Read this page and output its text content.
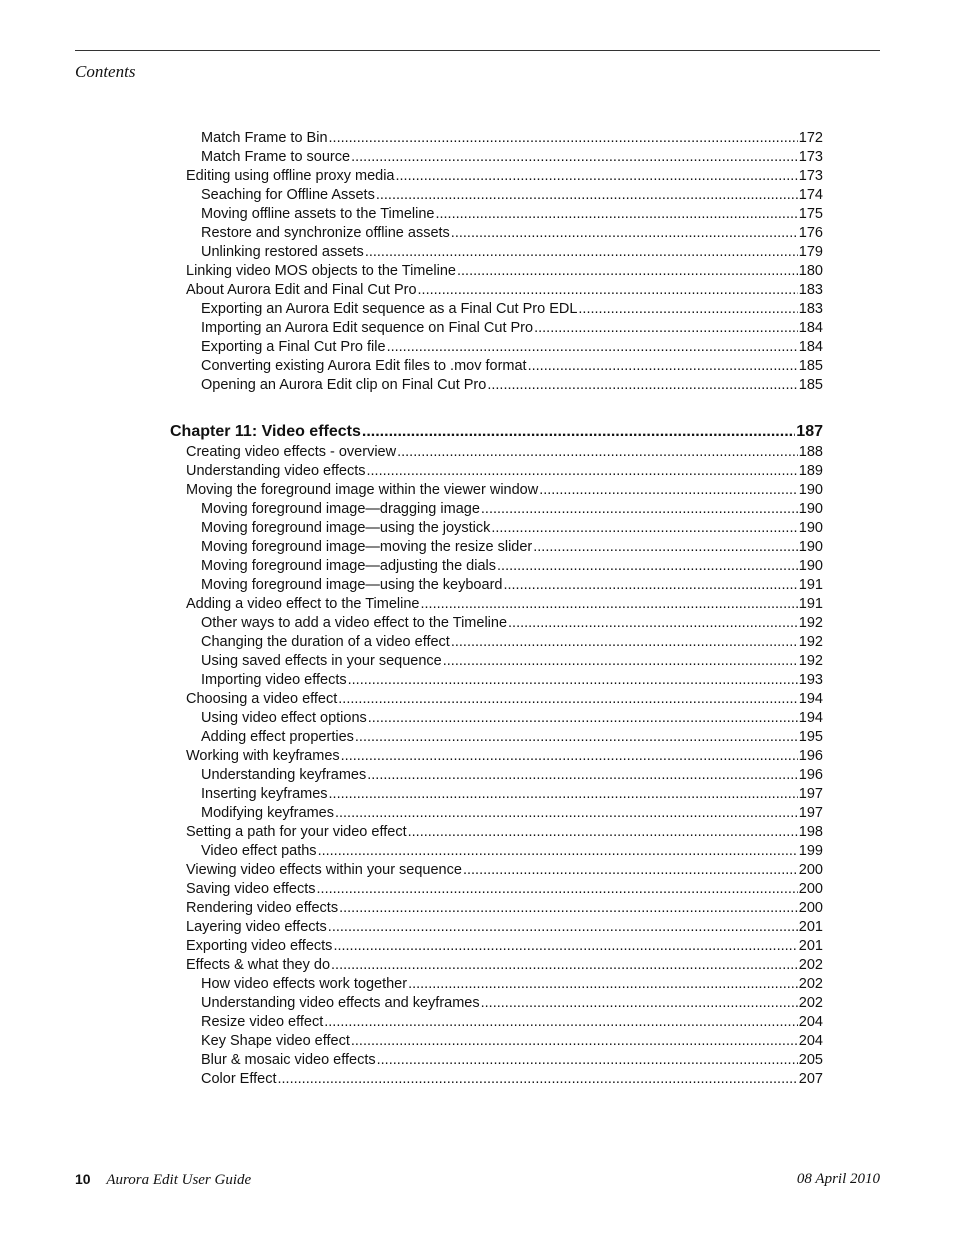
Contents
Match Frame to Bin .....	172
Match Frame to source .....	173
Editing using offline proxy media .....	173
Seaching for Offline Assets .....	174
Moving offline assets to the Timeline .....	175
Restore and synchronize offline assets .....	176
Unlinking restored assets .....	179
Linking video MOS objects to the Timeline .....	180
About Aurora Edit and Final Cut Pro .....	183
Exporting an Aurora Edit sequence as a Final Cut Pro EDL .....	183
Importing an Aurora Edit sequence on Final Cut Pro .....	184
Exporting a Final Cut Pro file .....	184
Converting existing Aurora Edit files to .mov format .....	185
Opening an Aurora Edit clip on Final Cut Pro .....	185
Chapter 11: Video effects .....	187
Creating video effects - overview .....	188
Understanding video effects .....	189
Moving the foreground image within the viewer window .....	190
Moving foreground image—dragging image .....	190
Moving foreground image—using the joystick .....	190
Moving foreground image—moving the resize slider .....	190
Moving foreground image—adjusting the dials .....	190
Moving foreground image—using the keyboard .....	191
Adding a video effect to the Timeline .....	191
Other ways to add a video effect to the Timeline .....	192
Changing the duration of a video effect .....	192
Using saved effects in your sequence .....	192
Importing video effects .....	193
Choosing a video effect .....	194
Using video effect options .....	194
Adding effect properties .....	195
Working with keyframes .....	196
Understanding keyframes .....	196
Inserting keyframes .....	197
Modifying keyframes .....	197
Setting a path for your video effect .....	198
Video effect paths .....	199
Viewing video effects within your sequence .....	200
Saving video effects .....	200
Rendering video effects .....	200
Layering video effects .....	201
Exporting video effects .....	201
Effects & what they do .....	202
How video effects work together .....	202
Understanding video effects and keyframes .....	202
Resize video effect .....	204
Key Shape video effect .....	204
Blur & mosaic video effects .....	205
Color Effect .....	207
10 Aurora Edit User Guide	08 April 2010
